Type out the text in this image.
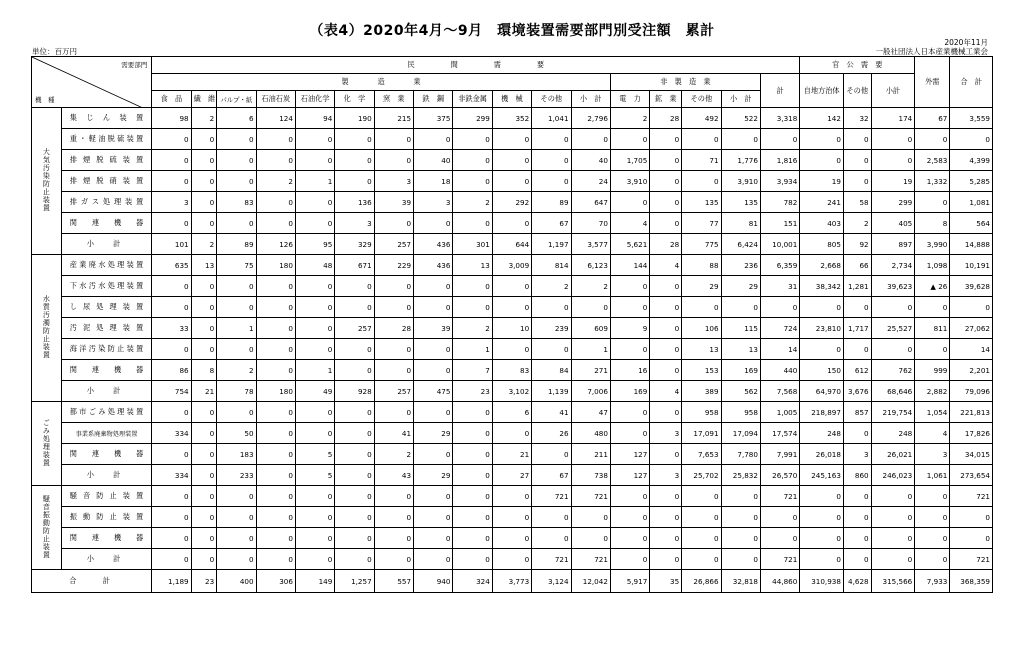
（表4）2020年4月～9月　環境装置需要部門別受注額　累計
2020年11月
一般社団法人日本産業機械工業会
単位：百万円
需要部門
機　種		民　　　　　間　　　　　需　　　　　要																	官　公　需　要			外需	合　計
		製　　　　造　　　　業												非　製　造　業				計	自地方治体	その他	小計		
		食　品	繊　維	パルプ・紙	石油石炭	石油化学	化　学	窯　業	鉄　鋼	非鉄金属	機　械	その他	小　計	電　力	鉱　業	その他	小　計						
大気汚染防止装置	集じん装置	98	2	6	124	94	190	215	375	299	352	1,041	2,796	2	28	492	522	3,318	142	32	174	67	3,559
	重・軽油脱硫装置	0	0	0	0	0	0	0	0	0	0	0	0	0	0	0	0	0	0	0	0	0	0
	排煙脱硫装置	0	0	0	0	0	0	0	40	0	0	0	40	1,705	0	71	1,776	1,816	0	0	0	2,583	4,399
	排煙脱硝装置	0	0	0	2	1	0	3	18	0	0	0	24	3,910	0	0	3,910	3,934	19	0	19	1,332	5,285
	排ガス処理装置	3	0	83	0	0	136	39	3	2	292	89	647	0	0	135	135	782	241	58	299	0	1,081
	関連機器	0	0	0	0	0	3	0	0	0	0	67	70	4	0	77	81	151	403	2	405	8	564
	小　計	101	2	89	126	95	329	257	436	301	644	1,197	3,577	5,621	28	775	6,424	10,001	805	92	897	3,990	14,888
水質汚濁防止装置	産業廃水処理装置	635	13	75	180	48	671	229	436	13	3,009	814	6,123	144	4	88	236	6,359	2,668	66	2,734	1,098	10,191
	下水汚水処理装置	0	0	0	0	0	0	0	0	0	0	2	2	0	0	29	29	31	38,342	1,281	39,623	▲ 26	39,628
	し尿処理装置	0	0	0	0	0	0	0	0	0	0	0	0	0	0	0	0	0	0	0	0	0	0
	汚泥処理装置	33	0	1	0	0	257	28	39	2	10	239	609	9	0	106	115	724	23,810	1,717	25,527	811	27,062
	海洋汚染防止装置	0	0	0	0	0	0	0	0	1	0	0	1	0	0	13	13	14	0	0	0	0	14
	関連機器	86	8	2	0	1	0	0	0	7	83	84	271	16	0	153	169	440	150	612	762	999	2,201
	小　計	754	21	78	180	49	928	257	475	23	3,102	1,139	7,006	169	4	389	562	7,568	64,970	3,676	68,646	2,882	79,096
ごみ処理装置	都市ごみ処理装置	0	0	0	0	0	0	0	0	0	6	41	47	0	0	958	958	1,005	218,897	857	219,754	1,054	221,813
	事業系廃棄物処理装置	334	0	50	0	0	0	41	29	0	0	26	480	0	3	17,091	17,094	17,574	248	0	248	4	17,826
	関連機器	0	0	183	0	5	0	2	0	0	21	0	211	127	0	7,653	7,780	7,991	26,018	3	26,021	3	34,015
	小　計	334	0	233	0	5	0	43	29	0	27	67	738	127	3	25,702	25,832	26,570	245,163	860	246,023	1,061	273,654
騒音振動防止装置	騒音防止装置	0	0	0	0	0	0	0	0	0	0	721	721	0	0	0	0	721	0	0	0	0	721
	振動防止装置	0	0	0	0	0	0	0	0	0	0	0	0	0	0	0	0	0	0	0	0	0	0
	関連機器	0	0	0	0	0	0	0	0	0	0	0	0	0	0	0	0	0	0	0	0	0	0
	小　計	0	0	0	0	0	0	0	0	0	0	721	721	0	0	0	0	721	0	0	0	0	721
合　　計		1,189	23	400	306	149	1,257	557	940	324	3,773	3,124	12,042	5,917	35	26,866	32,818	44,860	310,938	4,628	315,566	7,933	368,359
